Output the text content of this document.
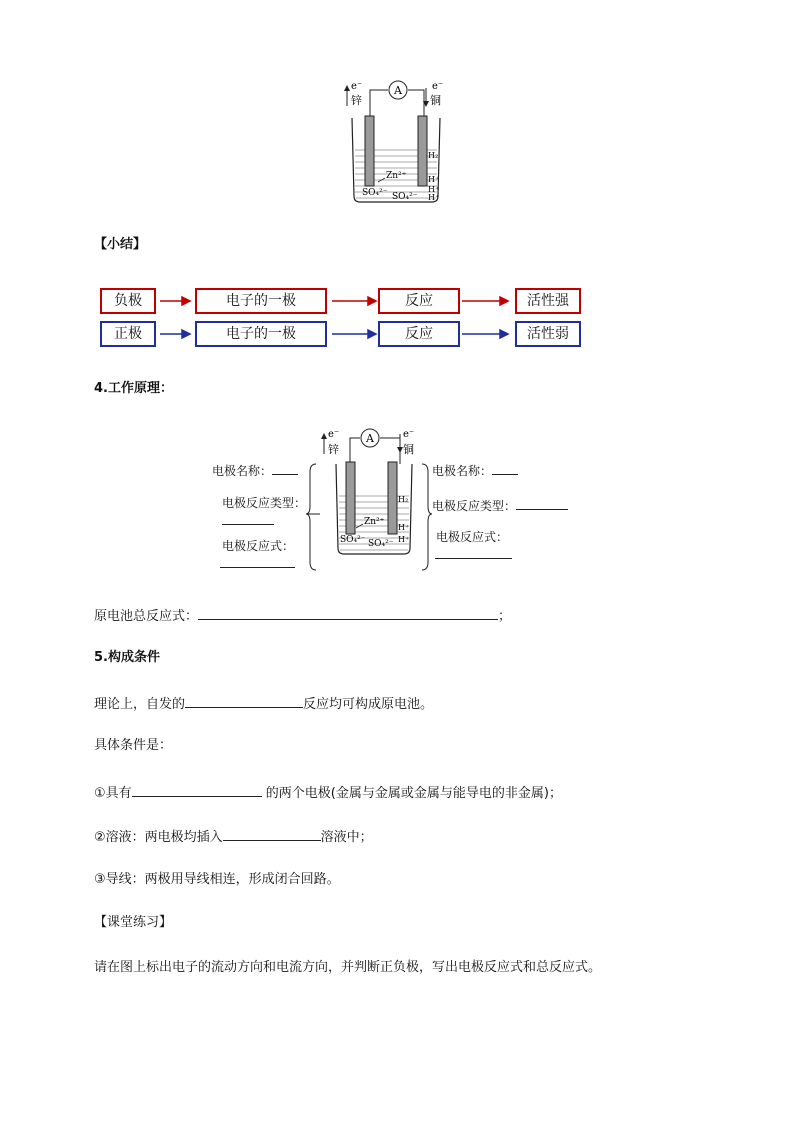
A
e⁻
锌
e⁻
铜
Zn²⁺
H₂
H⁺
H⁺
H⁺
SO₄²⁻ SO₄²⁻
【小结】
负极	电子的一极	反应	活性强
正极	电子的一极	反应	活性弱
4.工作原理：
A
e⁻
锌
e⁻
铜
Zn²⁺
H₂
H⁺
H⁺
SO₄²⁻ SO₄²⁻
电极名称：
电极反应类型：
电极反应式：
电极名称：
电极反应类型：
电极反应式：
原电池总反应式：	；
5.构成条件
理论上，自发的	反应均可构成原电池。
具体条件是：
①具有	的两个电极(金属与金属或金属与能导电的非金属)；
②溶液：两电极均插入	溶液中；
③导线：两极用导线相连，形成闭合回路。
【课堂练习】
请在图上标出电子的流动方向和电流方向，并判断正负极，写出电极反应式和总反应式。
